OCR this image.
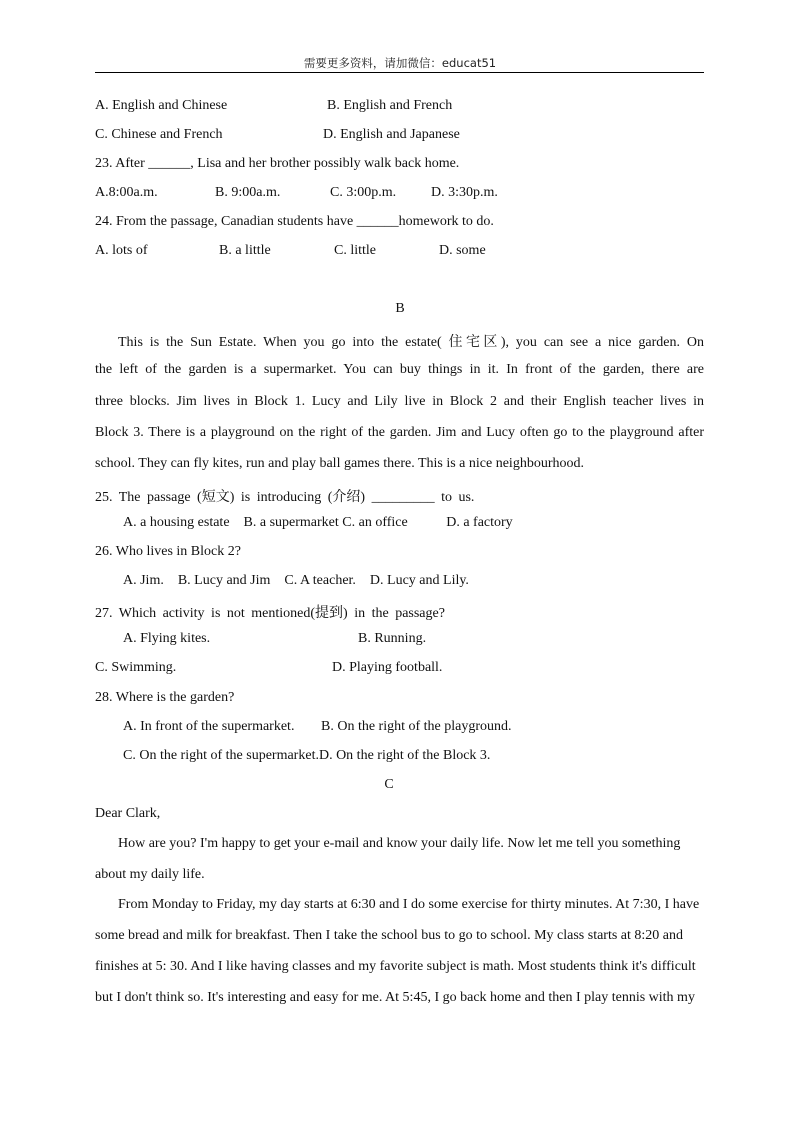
需要更多资料，请加微信：educat51
A. English and Chinese	B. English and French
C. Chinese and French	D. English and Japanese
23. After ______, Lisa and her brother possibly walk back home.
A.8:00a.m.	B. 9:00a.m.	C. 3:00p.m. D. 3:30p.m.
24. From the passage, Canadian students have ______homework to do.
A. lots of	B. a little	C. little	D. some
B
This is the Sun Estate. When you go into the estate( 住宅区), you can see a nice garden. On
the left of the garden is a supermarket. You can buy things in it. In front of the garden, there are
three blocks. Jim lives in Block 1. Lucy and Lily live in Block 2 and their English teacher lives in
Block 3. There is a playground on the right of the garden. Jim and Lucy often go to the playground after
school. They can fly kites, run and play ball games there. This is a nice neighbourhood.
25. The passage (短文) is introducing (介绍) _________ to us.
A. a housing estate    B. a supermarket C. an office           D. a factory
26. Who lives in Block 2?
A. Jim.    B. Lucy and Jim    C. A teacher.    D. Lucy and Lily.
27. Which activity is not mentioned(提到) in the passage?
A. Flying kites.	B. Running.
C. Swimming.	D. Playing football.
28. Where is the garden?
A. In front of the supermarket. B. On the right of the playground.
C. On the right of the supermarket.D. On the right of the Block 3.
C
Dear Clark,
How are you? I'm happy to get your e-mail and know your daily life. Now let me tell you something
about my daily life.
From Monday to Friday, my day starts at 6:30 and I do some exercise for thirty minutes. At 7:30, I have
some bread and milk for breakfast. Then I take the school bus to go to school. My class starts at 8:20 and
finishes at 5: 30. And I like having classes and my favorite subject is math. Most students think it's difficult
but I don't think so. It's interesting and easy for me. At 5:45, I go back home and then I play tennis with my
